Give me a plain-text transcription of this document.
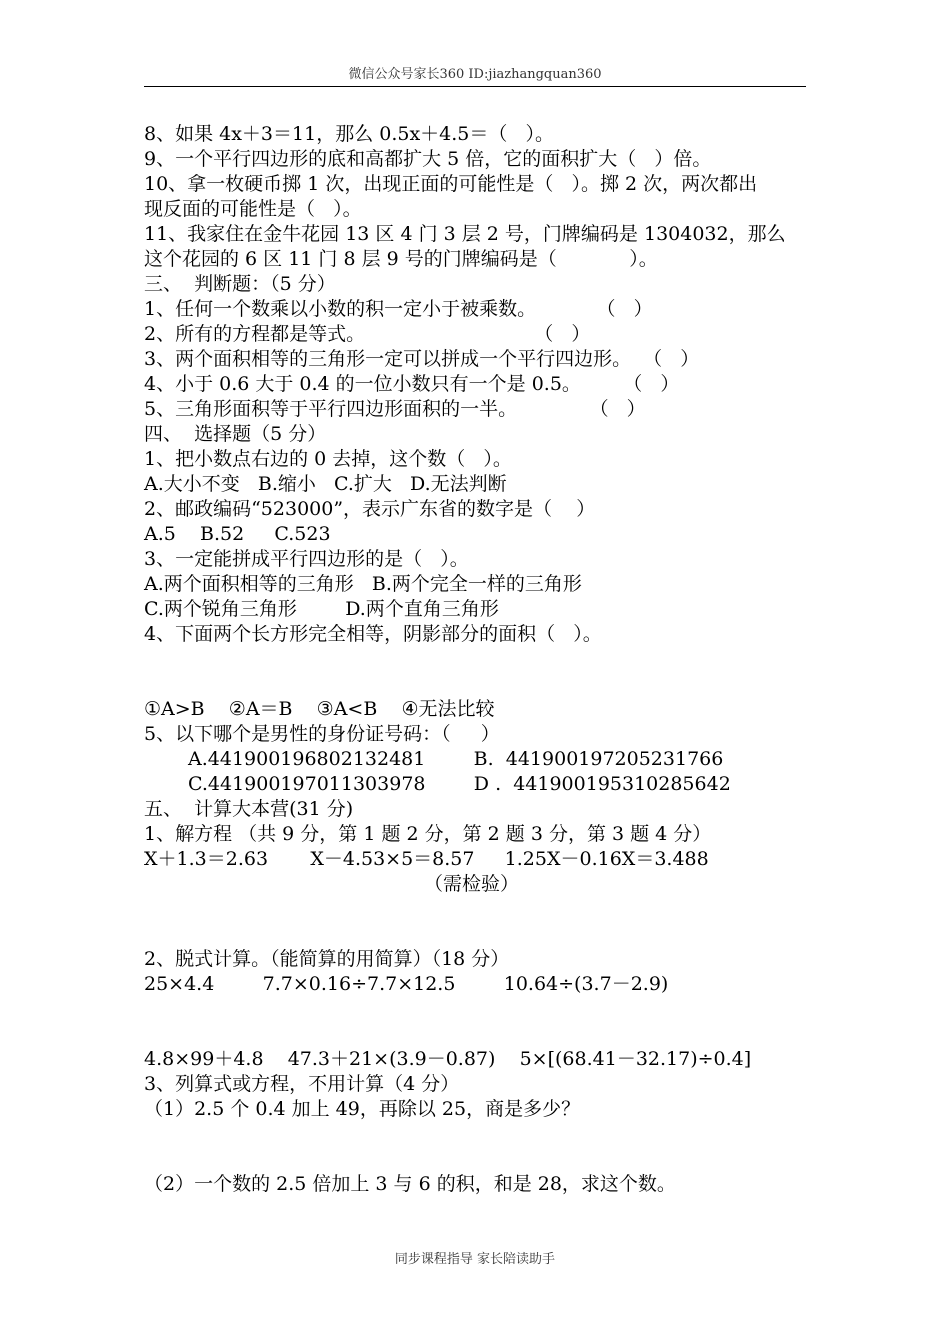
微信公众号家长360 ID:jiazhangquan360
8、如果 4x＋3＝11，那么 0.5x＋4.5＝（   ）。
9、一个平行四边形的底和高都扩大 5 倍，它的面积扩大（   ）倍。
10、拿一枚硬币掷 1 次，出现正面的可能性是（   ）。掷 2 次，两次都出
现反面的可能性是（   ）。
11、我家住在金牛花园 13 区 4 门 3 层 2 号，门牌编码是 1304032，那么
这个花园的 6 区 11 门 8 层 9 号的门牌编码是（            ）。
三、  判断题：（5 分）
1、任何一个数乘以小数的积一定小于被乘数。          （   ）
2、所有的方程都是等式。                            （   ）
3、两个面积相等的三角形一定可以拼成一个平行四边形。  （   ）
4、小于 0.6 大于 0.4 的一位小数只有一个是 0.5。       （   ）
5、三角形面积等于平行四边形面积的一半。            （   ）
四、  选择题（5 分）
1、把小数点右边的 0 去掉，这个数（   ）。
A.大小不变   B.缩小   C.扩大   D.无法判断
2、邮政编码“523000”，表示广东省的数字是（    ）
A.5    B.52     C.523
3、一定能拼成平行四边形的是（   ）。
A.两个面积相等的三角形   B.两个完全一样的三角形
C.两个锐角三角形        D.两个直角三角形
4、下面两个长方形完全相等，阴影部分的面积（   ）。
①A>B    ②A＝B    ③A<B    ④无法比较
5、以下哪个是男性的身份证号码：（     ）
A.441900196802132481        B.  441900197205231766
C.441900197011303978        D .  441900195310285642
五、  计算大本营(31 分)
1、解方程 （共 9 分，第 1 题 2 分，第 2 题 3 分，第 3 题 4 分）
X＋1.3＝2.63       X－4.53×5＝8.57     1.25X－0.16X＝3.488
（需检验）
2、脱式计算。（能简算的用简算）（18 分）
25×4.4        7.7×0.16÷7.7×12.5        10.64÷(3.7－2.9)
4.8×99＋4.8    47.3＋21×(3.9－0.87)    5×[(68.41－32.17)÷0.4]
3、列算式或方程，不用计算（4 分）
（1）2.5 个 0.4 加上 49，再除以 25，商是多少？
（2）一个数的 2.5 倍加上 3 与 6 的积，和是 28，求这个数。
同步课程指导 家长陪读助手
